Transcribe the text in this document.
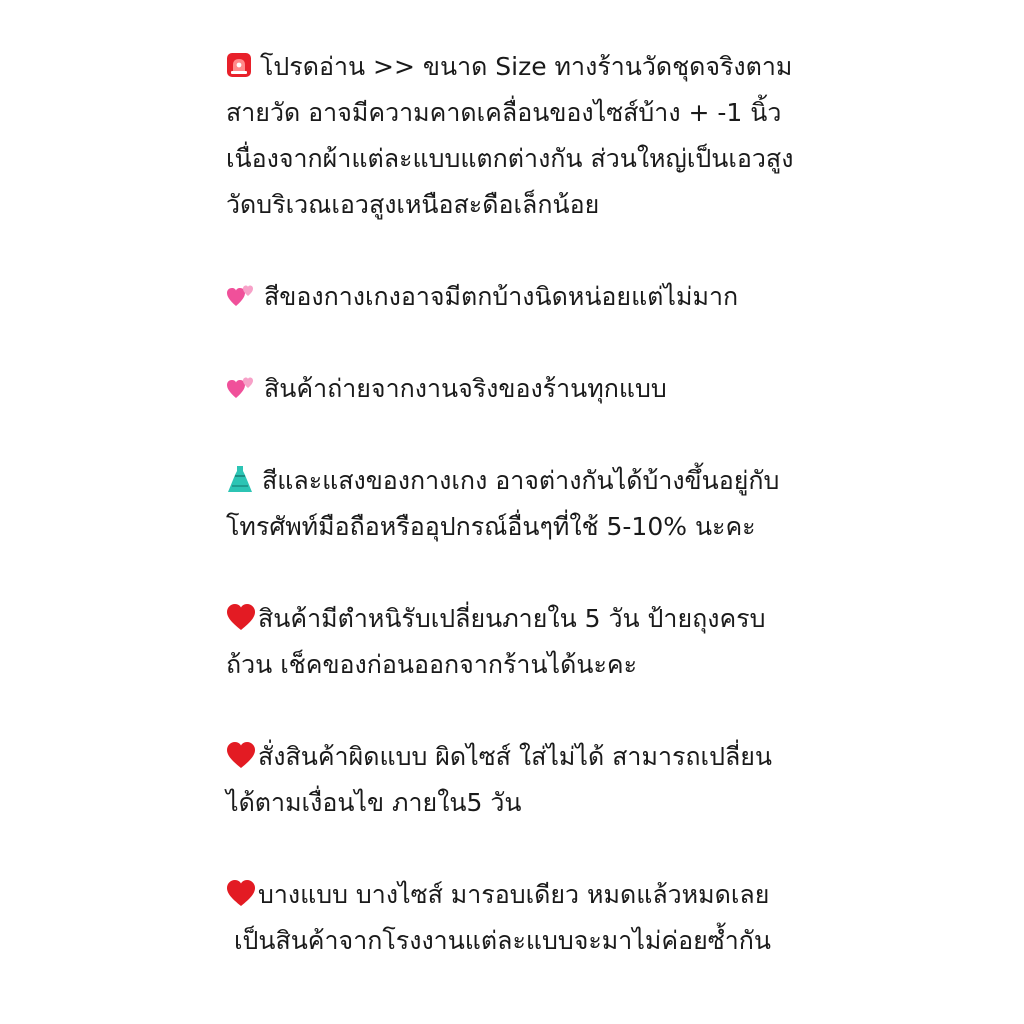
โปรดอ่าน >> ขนาด Size ทางร้านวัดชุดจริงตาม
สายวัด อาจมีความคาดเคลื่อนของไซส์บ้าง + -1 นิ้ว
เนื่องจากผ้าแต่ละแบบแตกต่างกัน ส่วนใหญ่เป็นเอวสูง
วัดบริเวณเอวสูงเหนือสะดือเล็กน้อย
สีของกางเกงอาจมีตกบ้างนิดหน่อยแต่ไม่มาก
สินค้าถ่ายจากงานจริงของร้านทุกแบบ
สีและแสงของกางเกง อาจต่างกันได้บ้างขึ้นอยู่กับ
โทรศัพท์มือถือหรืออุปกรณ์อื่นๆที่ใช้ 5-10% นะคะ
สินค้ามีตำหนิรับเปลี่ยนภายใน 5 วัน ป้ายถุงครบ
ถ้วน เช็คของก่อนออกจากร้านได้นะคะ
สั่งสินค้าผิดแบบ ผิดไซส์ ใส่ไม่ได้ สามารถเปลี่ยน
ได้ตามเงื่อนไข ภายใน5 วัน
บางแบบ บางไซส์ มารอบเดียว หมดแล้วหมดเลย
เป็นสินค้าจากโรงงานแต่ละแบบจะมาไม่ค่อยซ้ำกัน
